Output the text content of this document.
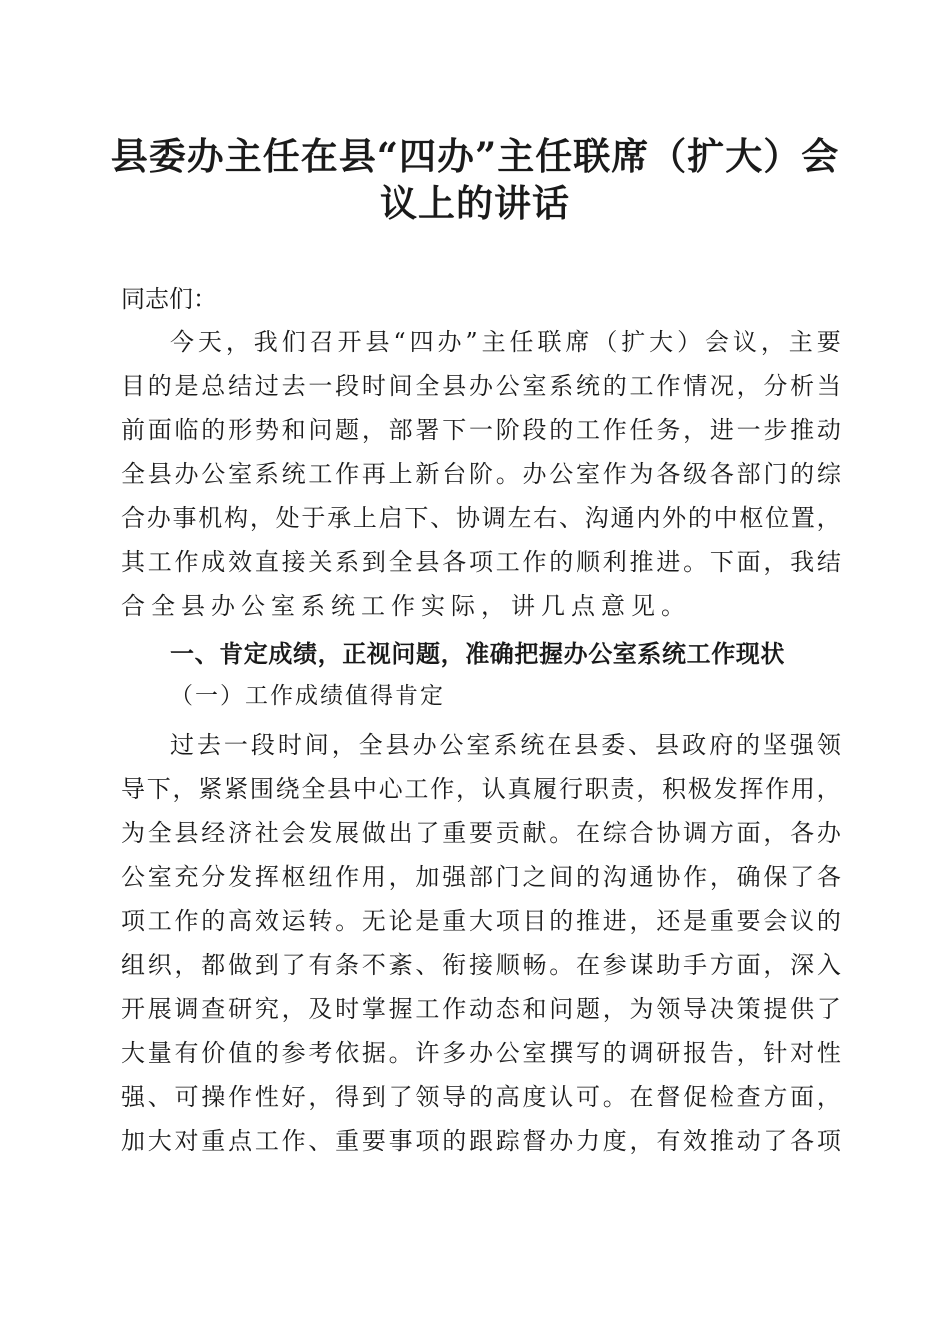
县委办主任在县“四办”主任联席（扩大）会
议上的讲话
同志们：
今 天 ， 我 们 召 开 县 “ 四 办 ” 主 任 联 席 （ 扩 大 ） 会 议 ， 主 要
目 的 是 总 结 过 去 一 段 时 间 全 县 办 公 室 系 统 的 工 作 情 况 ， 分 析 当
前 面 临 的 形 势 和 问 题 ， 部 署 下 一 阶 段 的 工 作 任 务 ， 进 一 步 推 动
全 县 办 公 室 系 统 工 作 再 上 新 台 阶 。 办 公 室 作 为 各 级 各 部 门 的 综
合 办 事 机 构 ， 处 于 承 上 启 下 、 协 调 左 右 、 沟 通 内 外 的 中 枢 位 置 ，
其 工 作 成 效 直 接 关 系 到 全 县 各 项 工 作 的 顺 利 推 进 。 下 面 ， 我 结
合全县办公室系统工作实际，讲几点意见。
一、肯定成绩，正视问题，准确把握办公室系统工作现状
（一）工作成绩值得肯定
过 去 一 段 时 间 ， 全 县 办 公 室 系 统 在 县 委 、 县 政 府 的 坚 强 领
导 下 ， 紧 紧 围 绕 全 县 中 心 工 作 ， 认 真 履 行 职 责 ， 积 极 发 挥 作 用 ，
为 全 县 经 济 社 会 发 展 做 出 了 重 要 贡 献 。 在 综 合 协 调 方 面 ， 各 办
公 室 充 分 发 挥 枢 纽 作 用 ， 加 强 部 门 之 间 的 沟 通 协 作 ， 确 保 了 各
项 工 作 的 高 效 运 转 。 无 论 是 重 大 项 目 的 推 进 ， 还 是 重 要 会 议 的
组 织 ， 都 做 到 了 有 条 不 紊 、 衔 接 顺 畅 。 在 参 谋 助 手 方 面 ， 深 入
开 展 调 查 研 究 ， 及 时 掌 握 工 作 动 态 和 问 题 ， 为 领 导 决 策 提 供 了
大 量 有 价 值 的 参 考 依 据 。 许 多 办 公 室 撰 写 的 调 研 报 告 ， 针 对 性
强 、 可 操 作 性 好 ， 得 到 了 领 导 的 高 度 认 可 。 在 督 促 检 查 方 面 ，
加 大 对 重 点 工 作 、 重 要 事 项 的 跟 踪 督 办 力 度 ， 有 效 推 动 了 各 项
